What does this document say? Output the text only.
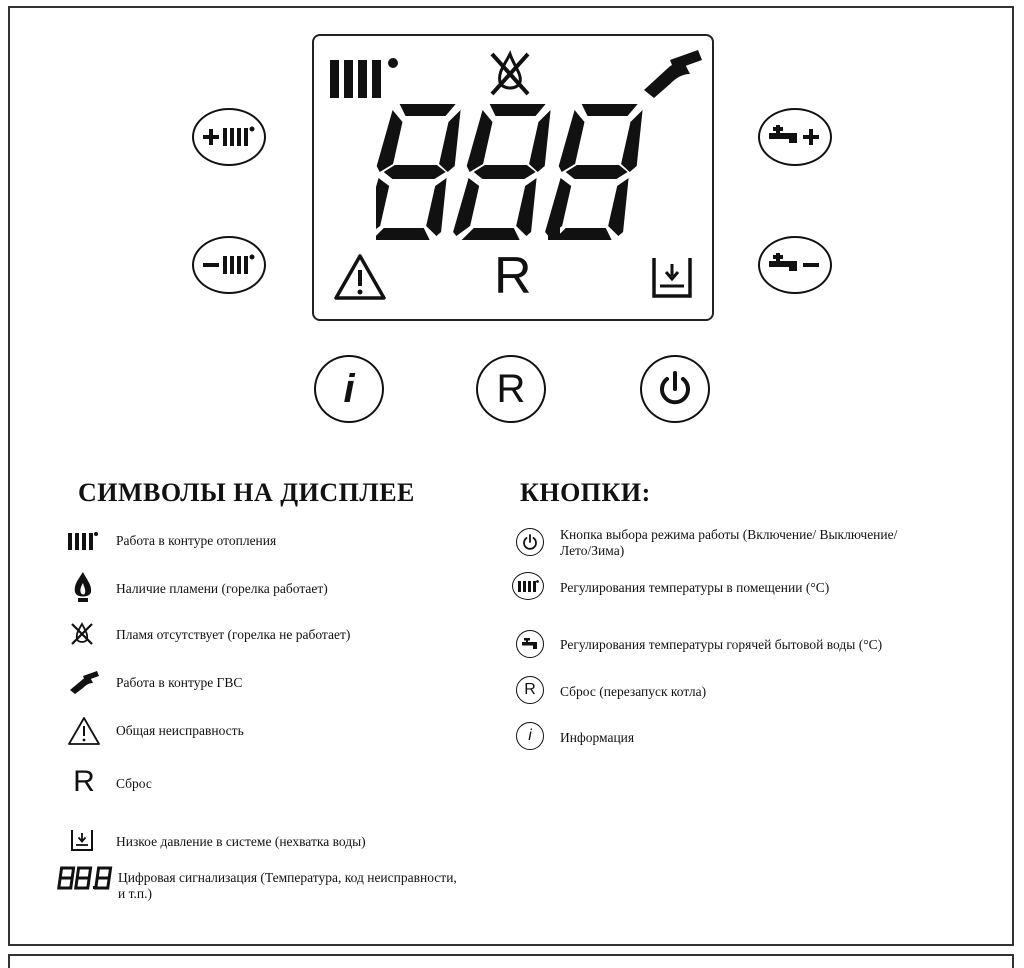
R
i	R
СИМВОЛЫ НА ДИСПЛЕЕ
Работа в контуре отопления
Наличие пламени (горелка работает)
Пламя отсутствует (горелка не работает)
Работа в контуре ГВС
Общая неисправность
R	Сброс
Низкое давление в системе (нехватка воды)
Цифровая сигнализация (Температура, код неисправности, и т.п.)
КНОПКИ:
Кнопка выбора режима работы (Включение/ Выключение/ Лето/Зима)
Регулирования температуры в помещении (°C)
Регулирования температуры горячей бытовой воды (°C)
R	Сброс (перезапуск котла)
i	Информация
